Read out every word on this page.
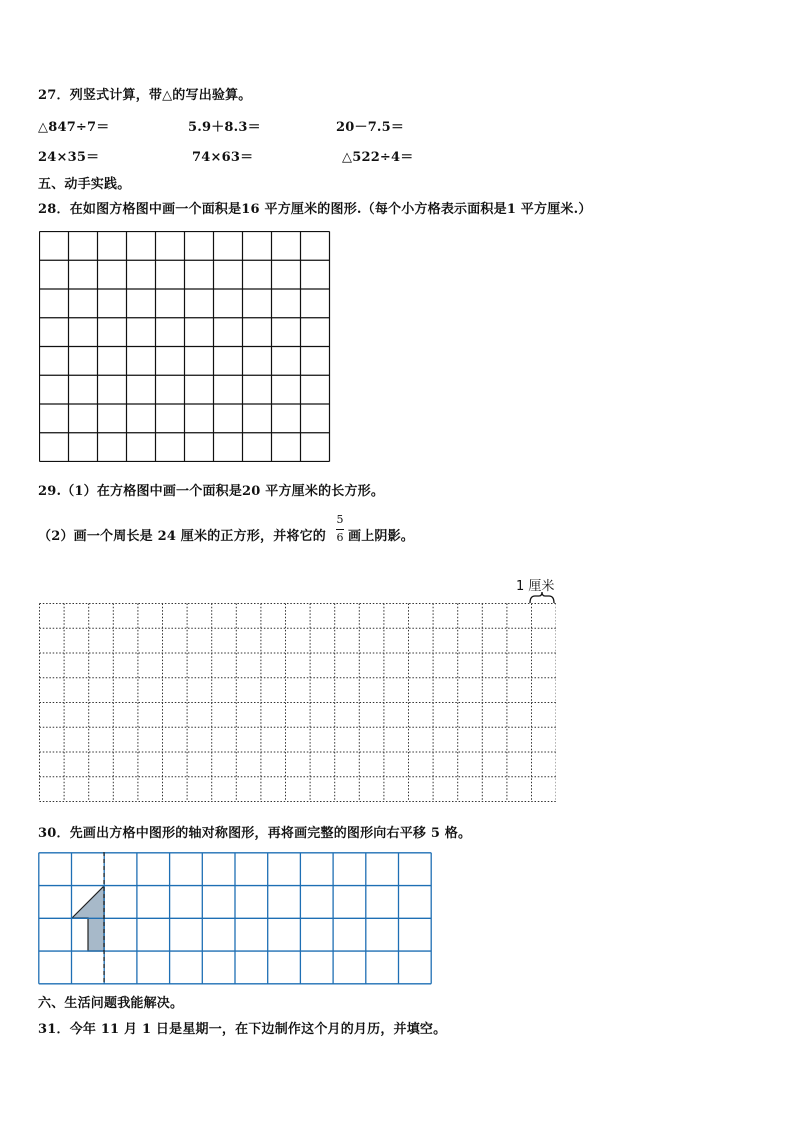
27．列竖式计算，带△的写出验算。
△847÷7＝	5.9＋8.3＝	20－7.5＝
24×35＝	74×63＝	△522÷4＝
五、动手实践。
28．在如图方格图中画一个面积是16 平方厘米的图形.（每个小方格表示面积是1 平方厘米.）
29.（1）在方格图中画一个面积是20 平方厘米的长方形。
（2）画一个周长是 24 厘米的正方形，并将它的
5
6 画上阴影。
1 厘米
30．先画出方格中图形的轴对称图形，再将画完整的图形向右平移 5 格。
六、生活问题我能解决。
31．今年 11 月 1 日是星期一，在下边制作这个月的月历，并填空。
